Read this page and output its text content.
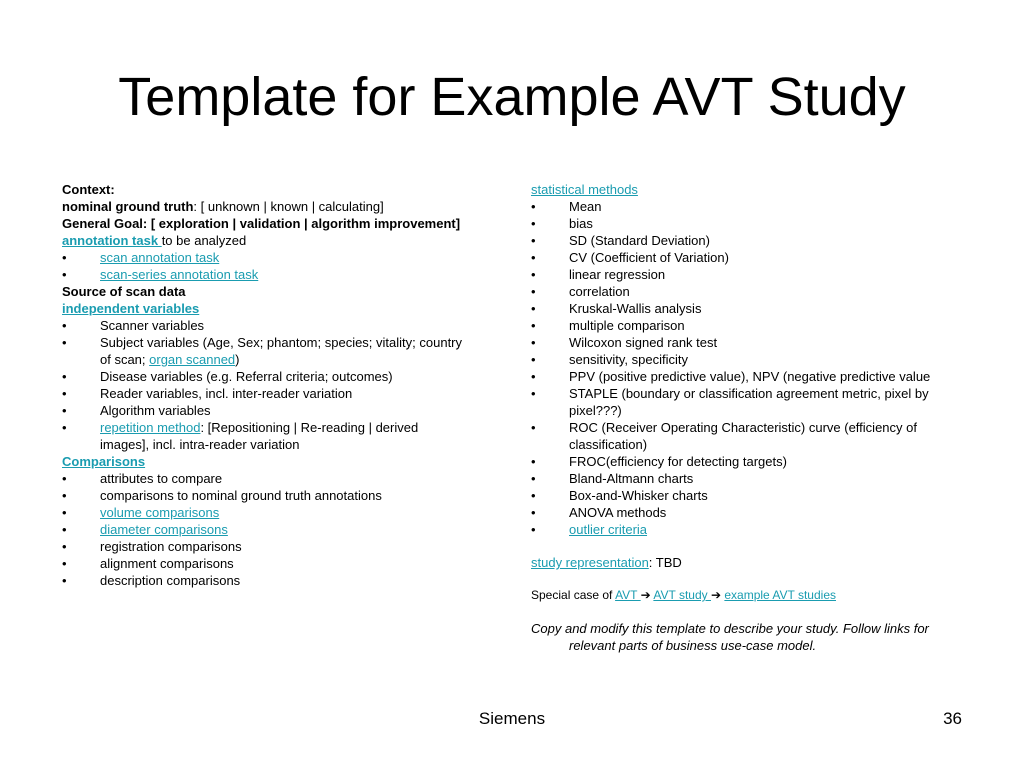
Template for Example AVT Study

Context:

nominal ground truth: [ unknown | known | calculating]

General Goal: [ exploration | validation | algorithm improvement]

annotation task to be analyzed

•	scan annotation task
•	scan-series annotation task

Source of scan data

independent variables

•	Scanner variables
•	Subject variables (Age, Sex; phantom; species; vitality; country of scan; organ scanned)
•	Disease variables (e.g. Referral criteria; outcomes)
•	Reader variables, incl. inter-reader variation
•	Algorithm variables
•	repetition method: [Repositioning | Re-reading | derived images], incl. intra-reader variation

Comparisons

•	attributes to compare
•	comparisons to nominal ground truth annotations
•	volume comparisons
•	diameter comparisons
•	registration comparisons
•	alignment comparisons
•	description comparisons

statistical methods

•	Mean
•	bias
•	SD (Standard Deviation)
•	CV (Coefficient of Variation)
•	linear regression
•	correlation
•	Kruskal-Wallis analysis
•	multiple comparison
•	Wilcoxon signed rank test
•	sensitivity, specificity
•	PPV (positive predictive value), NPV (negative predictive value
•	STAPLE (boundary or classification agreement metric, pixel by pixel???)
•	ROC (Receiver Operating Characteristic) curve (efficiency of classification)
•	FROC(efficiency for detecting targets)
•	Bland-Altmann charts
•	Box-and-Whisker charts
•	ANOVA methods
•	outlier criteria

study representation: TBD

Special case of AVT ➔ AVT study ➔ example AVT studies

Copy and modify this template to describe your study. Follow links for relevant parts of business use-case model.

Siemens	36
